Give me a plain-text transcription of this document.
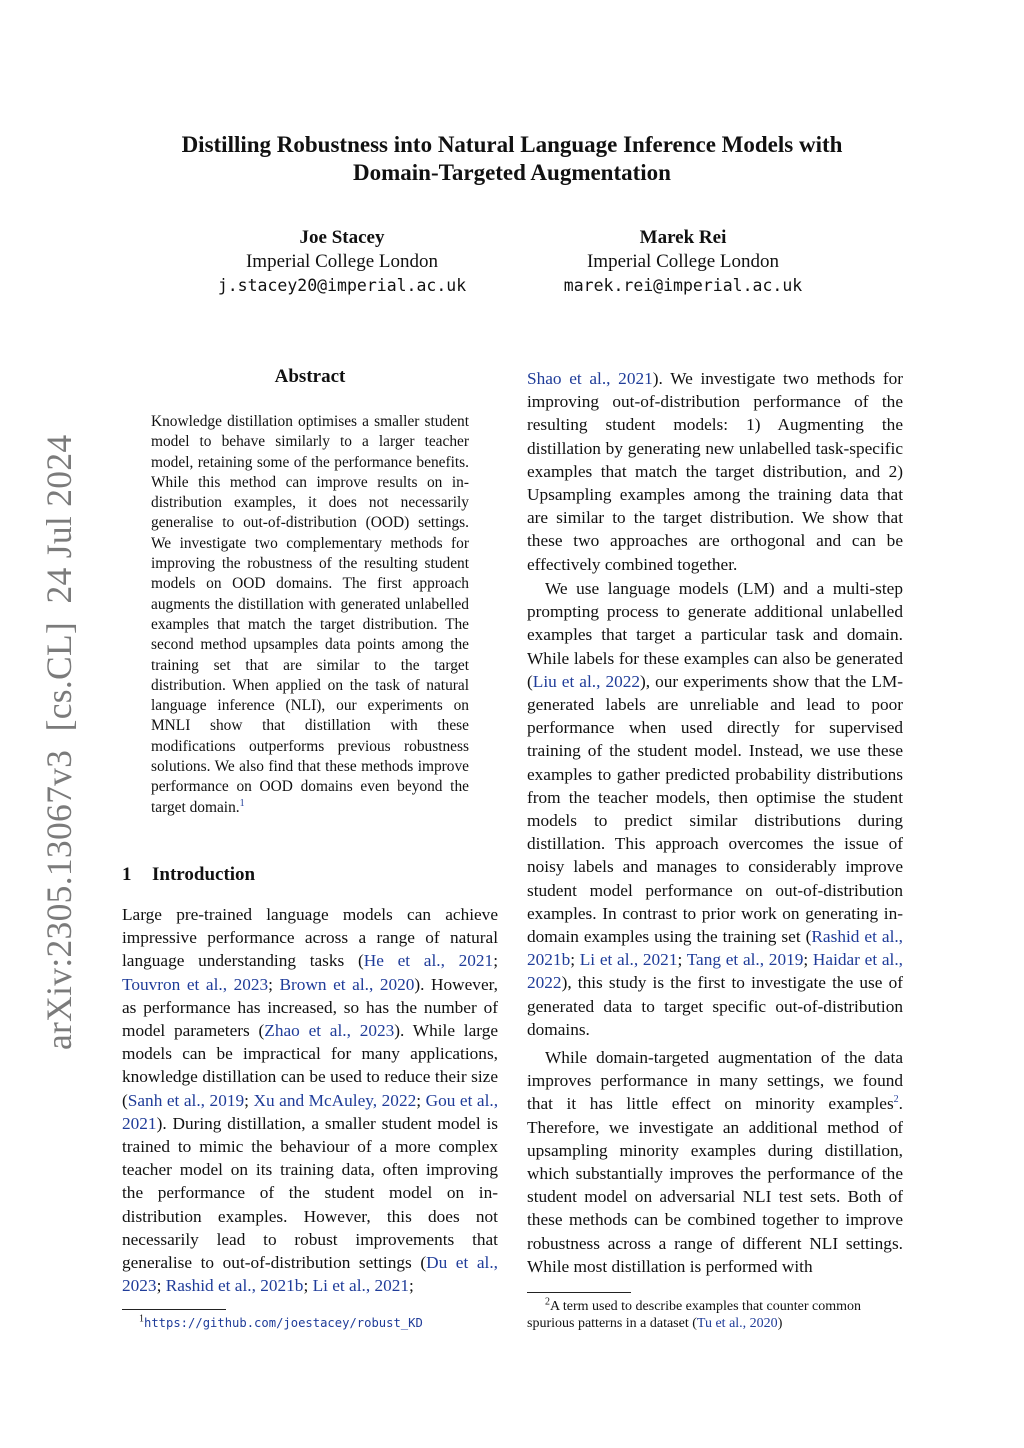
Distilling Robustness into Natural Language Inference Models with
Domain-Targeted Augmentation
Joe Stacey
Imperial College London
j.stacey20@imperial.ac.uk
Marek Rei
Imperial College London
marek.rei@imperial.ac.uk
arXiv:2305.13067v3  [cs.CL]  24 Jul 2024
Abstract

Knowledge distillation optimises a smaller student model to behave similarly to a larger teacher model, retaining some of the performance benefits. While this method can improve results on in-distribution examples, it does not necessarily generalise to out-of-distribution (OOD) settings. We investigate two complementary methods for improving the robustness of the resulting student models on OOD domains. The first approach augments the distillation with generated unlabelled examples that match the target distribution. The second method upsamples data points among the training set that are similar to the target distribution. When applied on the task of natural language inference (NLI), our experiments on MNLI show that distillation with these modifications outperforms previous robustness solutions. We also find that these methods improve performance on OOD domains even beyond the target domain.$^1$

1 Introduction

Large pre-trained language models can achieve impressive performance across a range of natural language understanding tasks (He et al., 2021; Touvron et al., 2023; Brown et al., 2020). However, as performance has increased, so has the number of model parameters (Zhao et al., 2023). While large models can be impractical for many applications, knowledge distillation can be used to reduce their size (Sanh et al., 2019; Xu and McAuley, 2022; Gou et al., 2021). During distillation, a smaller student model is trained to mimic the behaviour of a more complex teacher model on its training data, often improving the performance of the student model on in-distribution examples. However, this does not necessarily lead to robust improvements that generalise to out-of-distribution settings (Du et al., 2023; Rashid et al., 2021b; Li et al., 2021;

Shao et al., 2021). We investigate two methods for improving out-of-distribution performance of the resulting student models: 1) Augmenting the distillation by generating new unlabelled task-specific examples that match the target distribution, and 2) Upsampling examples among the training data that are similar to the target distribution. We show that these two approaches are orthogonal and can be effectively combined together.

We use language models (LM) and a multi-step prompting process to generate additional unlabelled examples that target a particular task and domain. While labels for these examples can also be generated (Liu et al., 2022), our experiments show that the LM-generated labels are unreliable and lead to poor performance when used directly for supervised training of the student model. Instead, we use these examples to gather predicted probability distributions from the teacher models, then optimise the student models to predict similar distributions during distillation. This approach overcomes the issue of noisy labels and manages to considerably improve student model performance on out-of-distribution examples. In contrast to prior work on generating in-domain examples using the training set (Rashid et al., 2021b; Li et al., 2021; Tang et al., 2019; Haidar et al., 2022), this study is the first to investigate the use of generated data to target specific out-of-distribution domains.

While domain-targeted augmentation of the data improves performance in many settings, we found that it has little effect on minority examples$^2$. Therefore, we investigate an additional method of upsampling minority examples during distillation, which substantially improves the performance of the student model on adversarial NLI test sets. Both of these methods can be combined together to improve robustness across a range of different NLI settings. While most distillation is performed with

$^1$https://github.com/joestacey/robust_KD

$^2$A term used to describe examples that counter common spurious patterns in a dataset (Tu et al., 2020)
